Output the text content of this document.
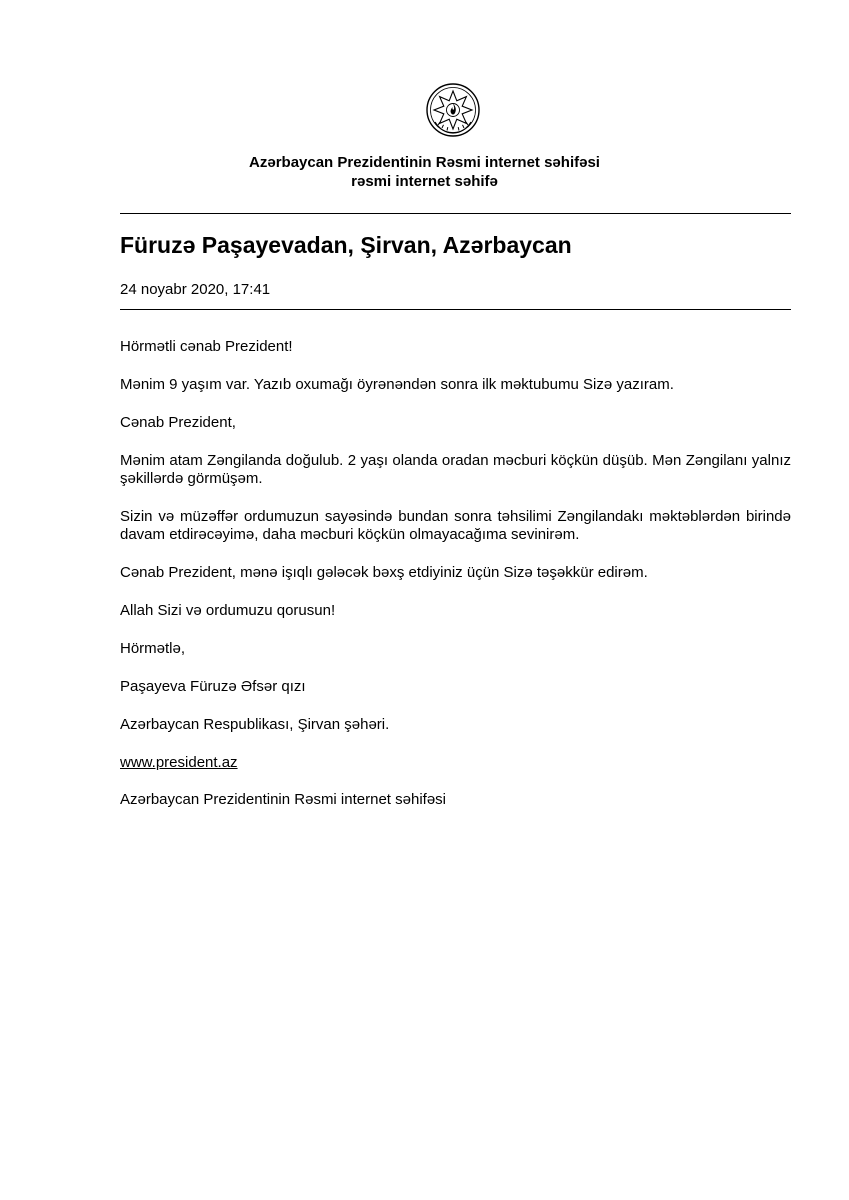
Azərbaycan Prezidentinin Rəsmi internet səhifəsi
rəsmi internet səhifə
Füruzə Paşayevadan, Şirvan, Azərbaycan
24 noyabr 2020, 17:41

Hörmətli cənab Prezident!

Mənim 9 yaşım var. Yazıb oxumağı öyrənəndən sonra ilk məktubumu Sizə yazıram.

Cənab Prezident,

Mənim atam Zəngilanda doğulub. 2 yaşı olanda oradan məcburi köçkün düşüb. Mən Zəngilanı yalnız şəkillərdə görmüşəm.

Sizin və müzəffər ordumuzun sayəsində bundan sonra təhsilimi Zəngilandakı məktəblərdən birində davam etdirəcəyimə, daha məcburi köçkün olmayacağıma sevinirəm.

Cənab Prezident, mənə işıqlı gələcək bəxş etdiyiniz üçün Sizə təşəkkür edirəm.

Allah Sizi və ordumuzu qorusun!

Hörmətlə,

Paşayeva Füruzə Əfsər qızı

Azərbaycan Respublikası, Şirvan şəhəri.

www.president.az

Azərbaycan Prezidentinin Rəsmi internet səhifəsi
